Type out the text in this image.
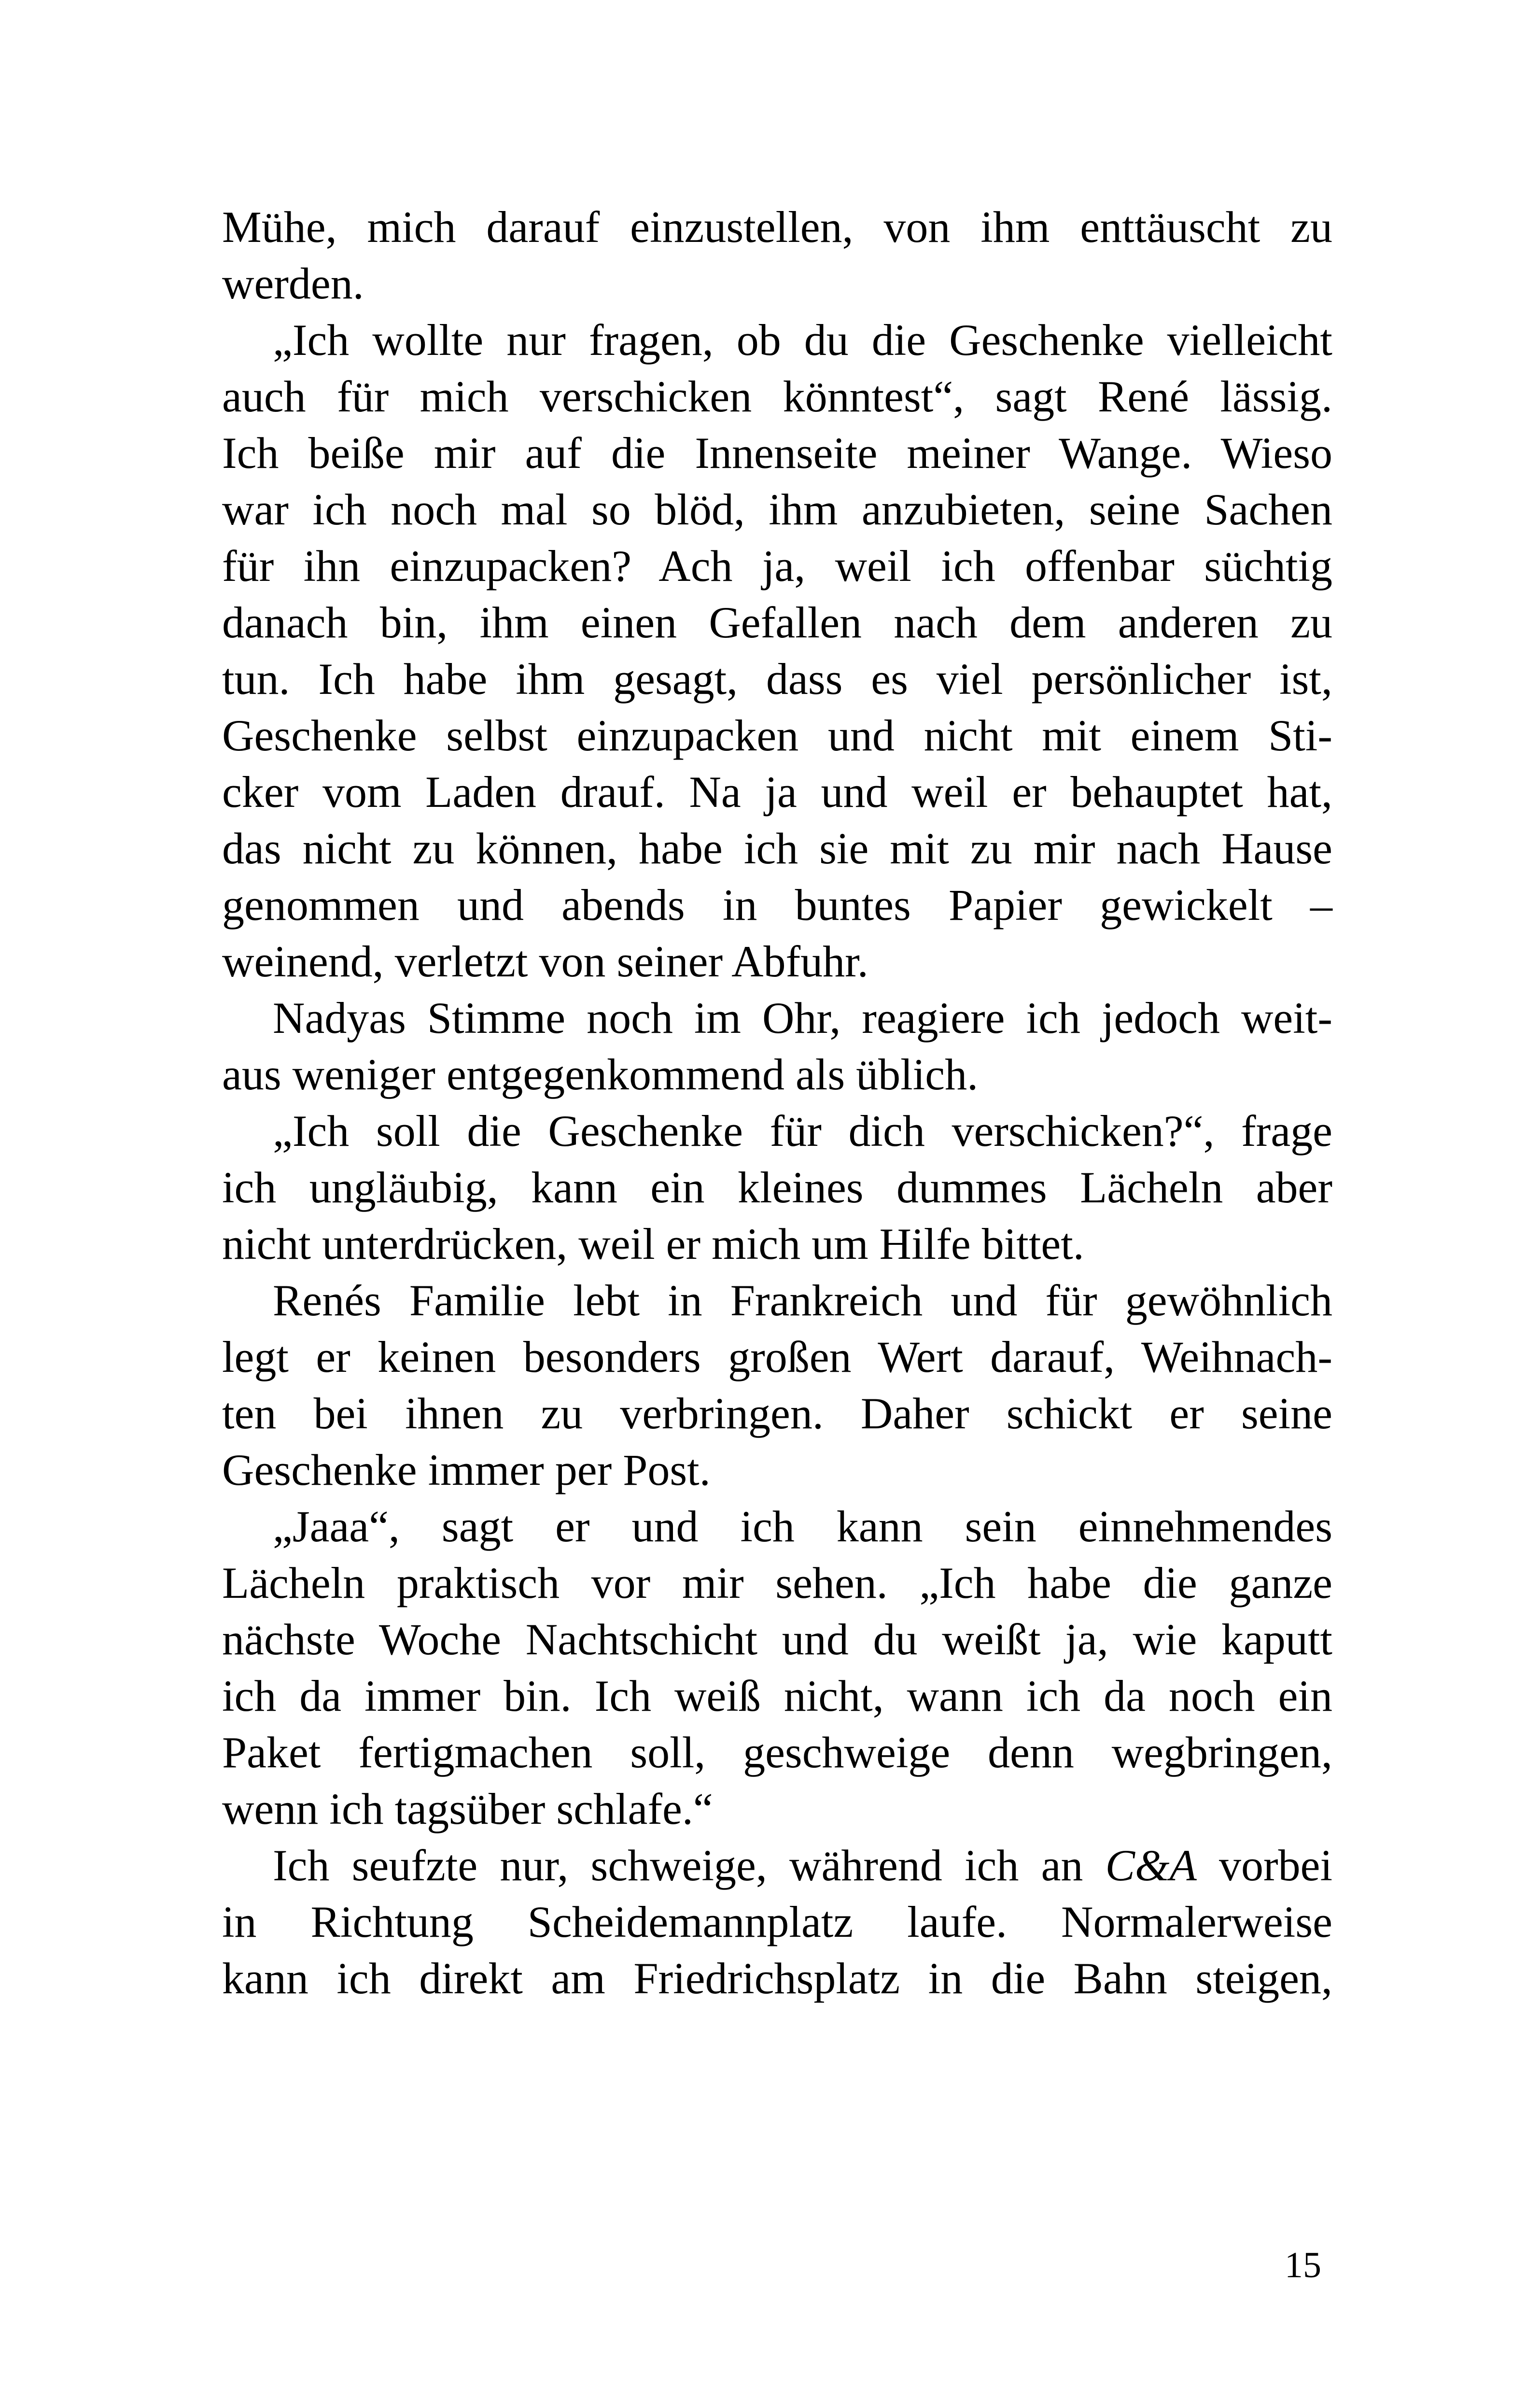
Mühe, mich darauf einzustellen, von ihm enttäuscht zu
werden.
„Ich wollte nur fragen, ob du die Geschenke vielleicht
auch für mich verschicken könntest“, sagt René lässig.
Ich beiße mir auf die Innenseite meiner Wange. Wieso
war ich noch mal so blöd, ihm anzubieten, seine Sachen
für ihn einzupacken? Ach ja, weil ich offenbar süchtig
danach bin, ihm einen Gefallen nach dem anderen zu
tun. Ich habe ihm gesagt, dass es viel persönlicher ist,
Geschenke selbst einzupacken und nicht mit einem Sti-
cker vom Laden drauf. Na ja und weil er behauptet hat,
das nicht zu können, habe ich sie mit zu mir nach Hause
genommen und abends in buntes Papier gewickelt –
weinend, verletzt von seiner Abfuhr.
Nadyas Stimme noch im Ohr, reagiere ich jedoch weit-
aus weniger entgegenkommend als üblich.
„Ich soll die Geschenke für dich verschicken?“, frage
ich ungläubig, kann ein kleines dummes Lächeln aber
nicht unterdrücken, weil er mich um Hilfe bittet.
Renés Familie lebt in Frankreich und für gewöhnlich
legt er keinen besonders großen Wert darauf, Weihnach-
ten bei ihnen zu verbringen. Daher schickt er seine
Geschenke immer per Post.
„Jaaa“, sagt er und ich kann sein einnehmendes
Lächeln praktisch vor mir sehen. „Ich habe die ganze
nächste Woche Nachtschicht und du weißt ja, wie kaputt
ich da immer bin. Ich weiß nicht, wann ich da noch ein
Paket fertigmachen soll, geschweige denn wegbringen,
wenn ich tagsüber schlafe.“
Ich seufzte nur, schweige, während ich an C&A vorbei
in Richtung Scheidemannplatz laufe. Normalerweise
kann ich direkt am Friedrichsplatz in die Bahn steigen,
15
